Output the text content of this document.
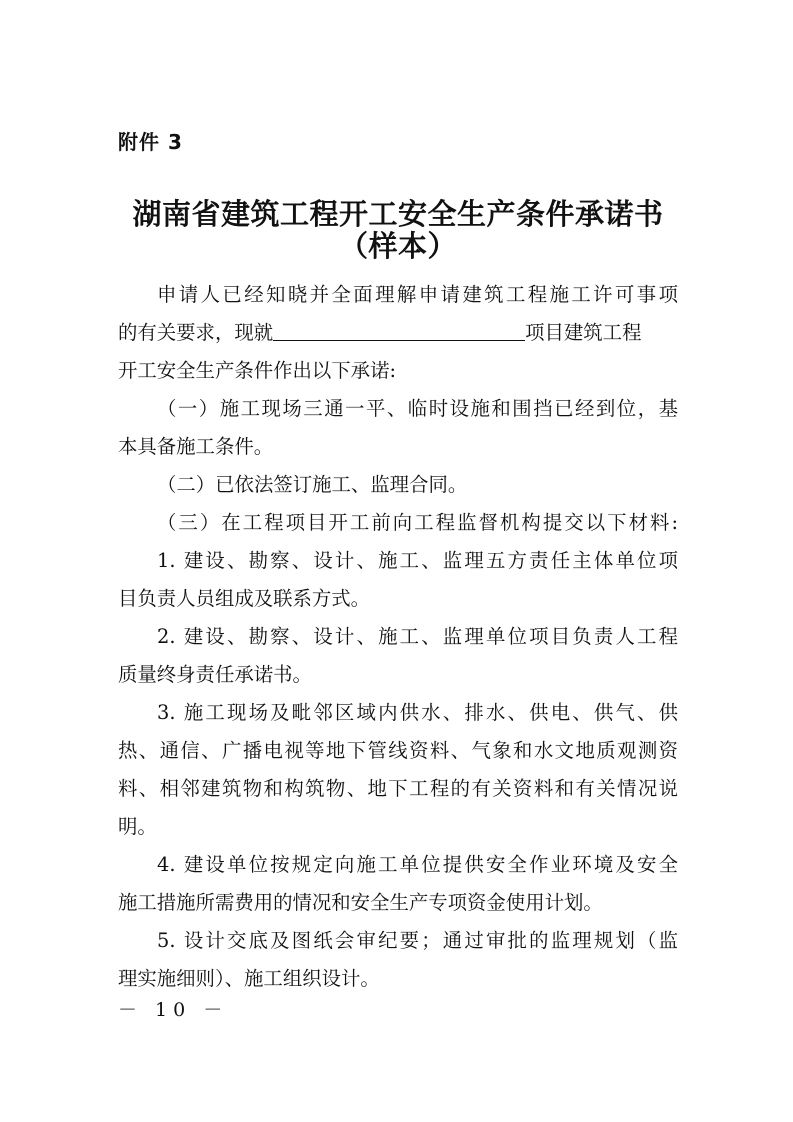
附件 3
湖南省建筑工程开工安全生产条件承诺书
（样本）
申请人已经知晓并全面理解申请建筑工程施工许可事项
的有关要求，现就	项目建筑工程
开工安全生产条件作出以下承诺:
（一）施工现场三通一平、临时设施和围挡已经到位，基
本具备施工条件。
（二）已依法签订施工、监理合同。
（三）在工程项目开工前向工程监督机构提交以下材料:
1. 建设、勘察、设计、施工、监理五方责任主体单位项
目负责人员组成及联系方式。
2. 建设、勘察、设计、施工、监理单位项目负责人工程
质量终身责任承诺书。
3. 施工现场及毗邻区域内供水、排水、供电、供气、供
热、通信、广播电视等地下管线资料、气象和水文地质观测资
料、相邻建筑物和构筑物、地下工程的有关资料和有关情况说
明。
4. 建设单位按规定向施工单位提供安全作业环境及安全
施工措施所需费用的情况和安全生产专项资金使用计划。
5. 设计交底及图纸会审纪要；通过审批的监理规划（监
理实施细则）、施工组织设计。
－ 10 －
